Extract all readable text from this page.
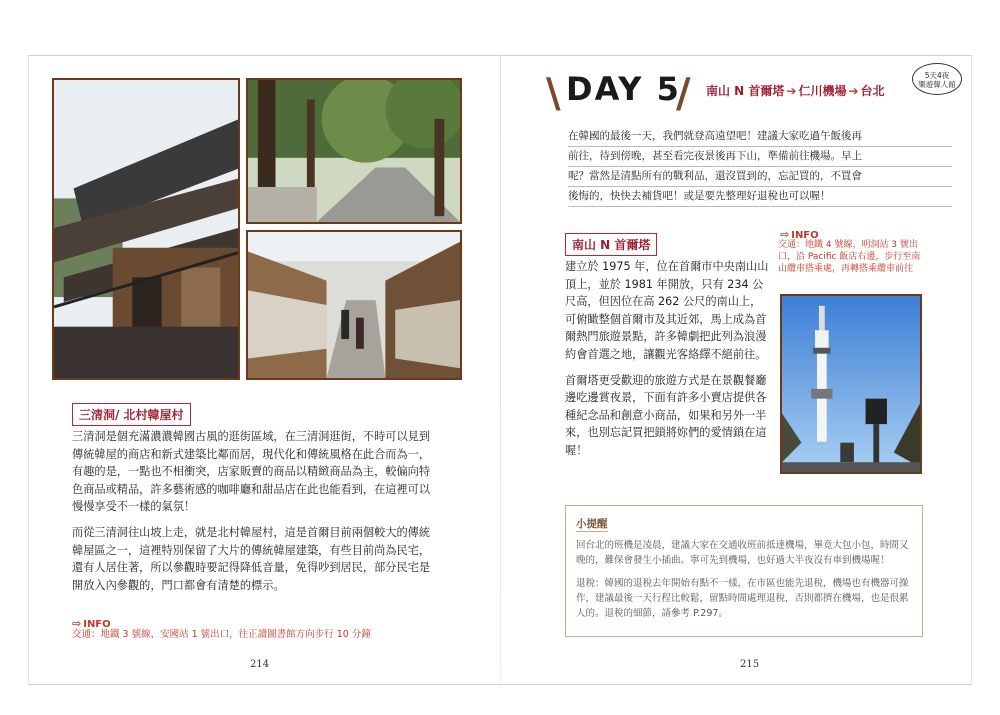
三清洞/ 北村韓屋村

三清洞是個充滿濃濃韓國古風的逛街區域，在三清洞逛街，不時可以見到傳統韓屋的商店和新式建築比鄰而居，現代化和傳統風格在此合而為一，有趣的是，一點也不相衝突，店家販賣的商品以精緻商品為主，較偏向特色商品或精品，許多藝術感的咖啡廳和甜品店在此也能看到，在這裡可以慢慢享受不一樣的氣氛！

而從三清洞往山坡上走，就是北村韓屋村，這是首爾目前兩個較大的傳統韓屋區之一，這裡特別保留了大片的傳統韓屋建築，有些目前尚為民宅，還有人居住著，所以參觀時要記得降低音量，免得吵到居民，部分民宅是開放入內參觀的，門口都會有清楚的標示。

⇨ INFO
交通：地鐵 3 號線，安國站 1 號出口，往正讀圖書館方向步行 10 分鐘
214
\ DAY 5
/ 南山 N 首爾塔 ➔ 仁川機場 ➔ 台北
5天4夜
樂遊韓人館
在韓國的最後一天，我們就登高遠望吧！建議大家吃過午飯後再
前往，待到傍晚，甚至看完夜景後再下山，準備前往機場。早上
呢？當然是清點所有的戰利品，還沒買到的，忘記買的，不買會
後悔的，快快去補貨吧！或是要先整理好退稅也可以喔！
南山 N 首爾塔

建立於 1975 年，位在首爾市中央南山山頂上，並於 1981 年開放，只有 234 公尺高，但因位在高 262 公尺的南山上，可俯瞰整個首爾市及其近郊，馬上成為首爾熱門旅遊景點，許多韓劇把此列為浪漫約會首選之地，讓觀光客絡繹不絕前往。

首爾塔更受歡迎的旅遊方式是在景觀餐廳邊吃邊賞夜景，下面有許多小賣店提供各種紀念品和創意小商品，如果和另外一半來，也別忘記買把鎖將妳們的愛情鎖在這喔！

⇨ INFO
交通：地鐵 4 號線，明洞站 3 號出口，沿 Pacific 飯店右邊，步行至南山纜車搭乘處，再轉搭乘纜車前往
小提醒

回台北的班機是凌晨，建議大家在交通收班前抵達機場，畢竟大包小包，時間又晚的，難保會發生小插曲。寧可先到機場，也好過大半夜沒有車到機場喔！

退稅：韓國的退稅去年開始有點不一樣，在市區也能先退稅，機場也有機器可操作，建議最後一天行程比較鬆，留點時間處理退稅，否則都擠在機場，也是很累人的。退稅的細節，請參考 P.297。

215
